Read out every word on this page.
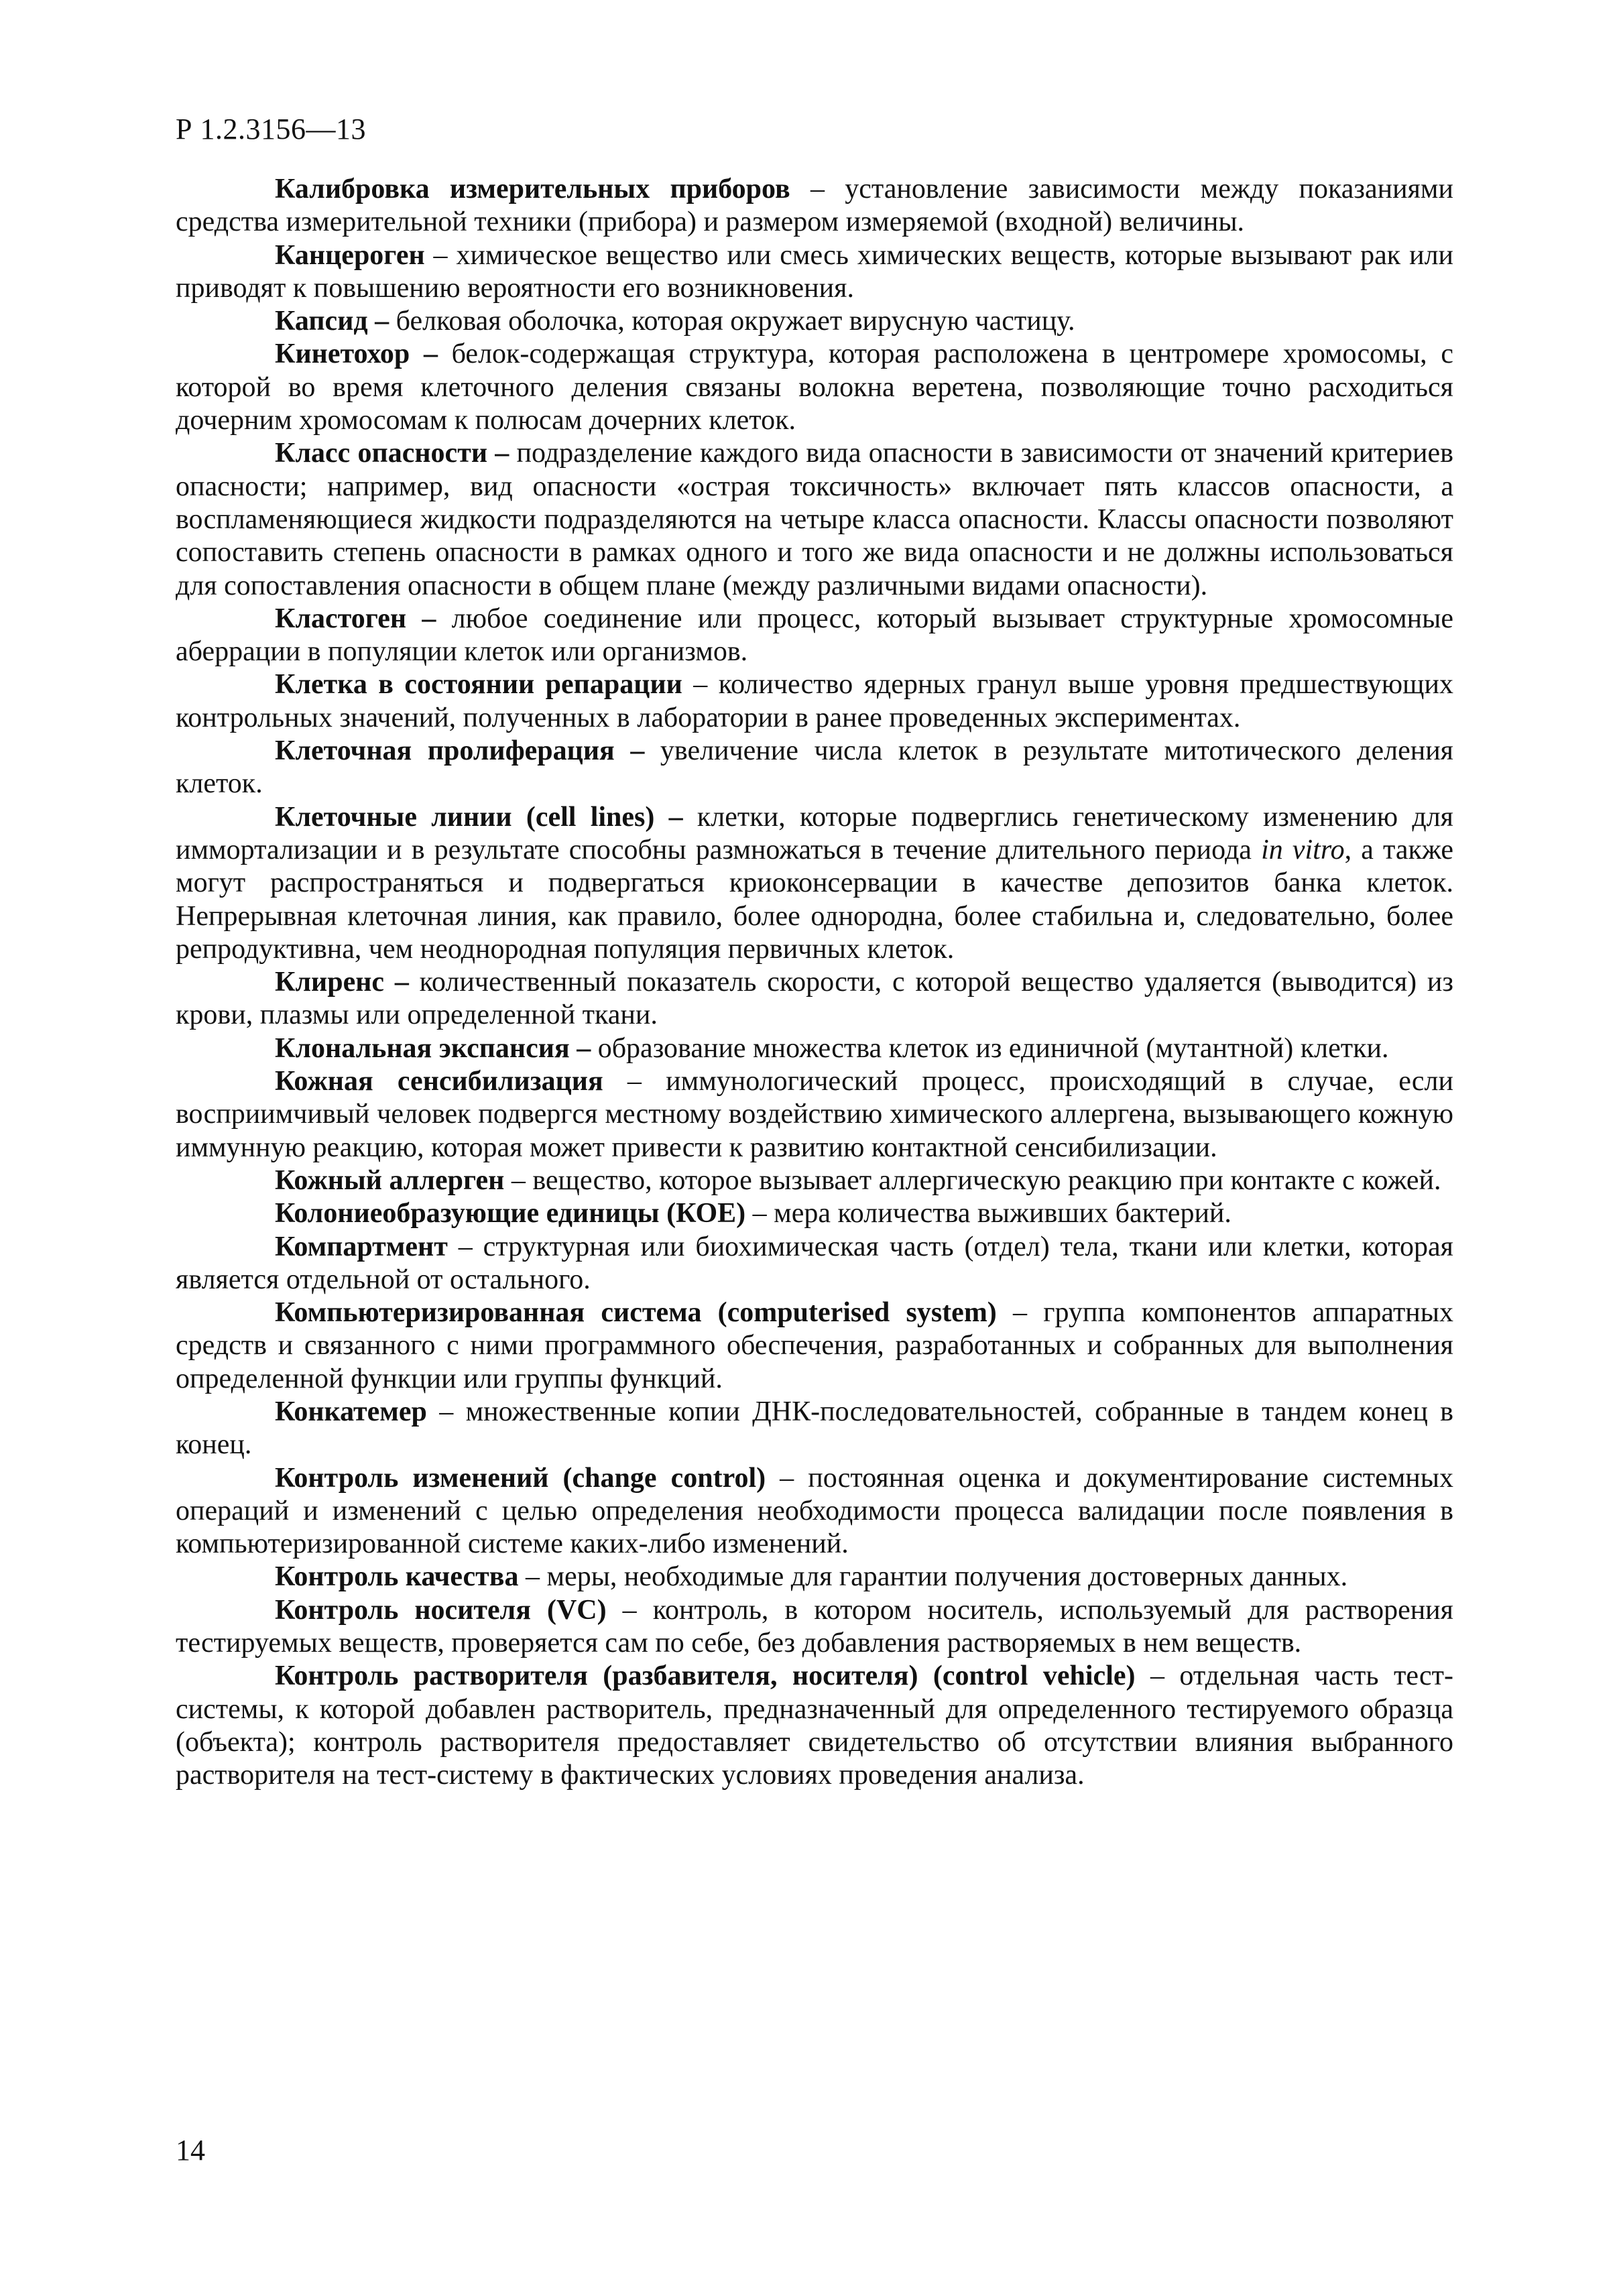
Р 1.2.3156—13

Калибровка измерительных приборов – установление зависимости между показаниями средства измерительной техники (прибора) и размером измеряемой (входной) величины.

Канцероген – химическое вещество или смесь химических веществ, которые вызывают рак или приводят к повышению вероятности его возникновения.

Капсид – белковая оболочка, которая окружает вирусную частицу.

Кинетохор – белок-содержащая структура, которая расположена в центромере хромосомы, с которой во время клеточного деления связаны волокна веретена, позволяющие точно расходиться дочерним хромосомам к полюсам дочерних клеток.

Класс опасности – подразделение каждого вида опасности в зависимости от значений критериев опасности; например, вид опасности «острая токсичность» включает пять классов опасности, а воспламеняющиеся жидкости подразделяются на четыре класса опасности. Классы опасности позволяют сопоставить степень опасности в рамках одного и того же вида опасности и не должны использоваться для сопоставления опасности в общем плане (между различными видами опасности).

Кластоген – любое соединение или процесс, который вызывает структурные хромосомные аберрации в популяции клеток или организмов.

Клетка в состоянии репарации – количество ядерных гранул выше уровня предшествующих контрольных значений, полученных в лаборатории в ранее проведенных экспериментах.

Клеточная пролиферация – увеличение числа клеток в результате митотического деления клеток.

Клеточные линии (cell lines) – клетки, которые подверглись генетическому изменению для иммортализации и в результате способны размножаться в течение длительного периода in vitro, а также могут распространяться и подвергаться криоконсервации в качестве депозитов банка клеток. Непрерывная клеточная линия, как правило, более однородна, более стабильна и, следовательно, более репродуктивна, чем неоднородная популяция первичных клеток.

Клиренс – количественный показатель скорости, с которой вещество удаляется (выводится) из крови, плазмы или определенной ткани.

Клональная экспансия – образование множества клеток из единичной (мутантной) клетки.

Кожная сенсибилизация – иммунологический процесс, происходящий в случае, если восприимчивый человек подвергся местному воздействию химического аллергена, вызывающего кожную иммунную реакцию, которая может привести к развитию контактной сенсибилизации.

Кожный аллерген – вещество, которое вызывает аллергическую реакцию при контакте с кожей.

Колониеобразующие единицы (КОЕ) – мера количества выживших бактерий.

Компартмент – структурная или биохимическая часть (отдел) тела, ткани или клетки, которая является отдельной от остального.

Компьютеризированная система (computerised system) – группа компонентов аппаратных средств и связанного с ними программного обеспечения, разработанных и собранных для выполнения определенной функции или группы функций.

Конкатемер – множественные копии ДНК-последовательностей, собранные в тандем конец в конец.

Контроль изменений (change control) – постоянная оценка и документирование системных операций и изменений с целью определения необходимости процесса валидации после появления в компьютеризированной системе каких-либо изменений.

Контроль качества – меры, необходимые для гарантии получения достоверных данных.

Контроль носителя (VC) – контроль, в котором носитель, используемый для растворения тестируемых веществ, проверяется сам по себе, без добавления растворяемых в нем веществ.

Контроль растворителя (разбавителя, носителя) (control vehicle) – отдельная часть тест-системы, к которой добавлен растворитель, предназначенный для определенного тестируемого образца (объекта); контроль растворителя предоставляет свидетельство об отсутствии влияния выбранного растворителя на тест-систему в фактических условиях проведения анализа.

14
